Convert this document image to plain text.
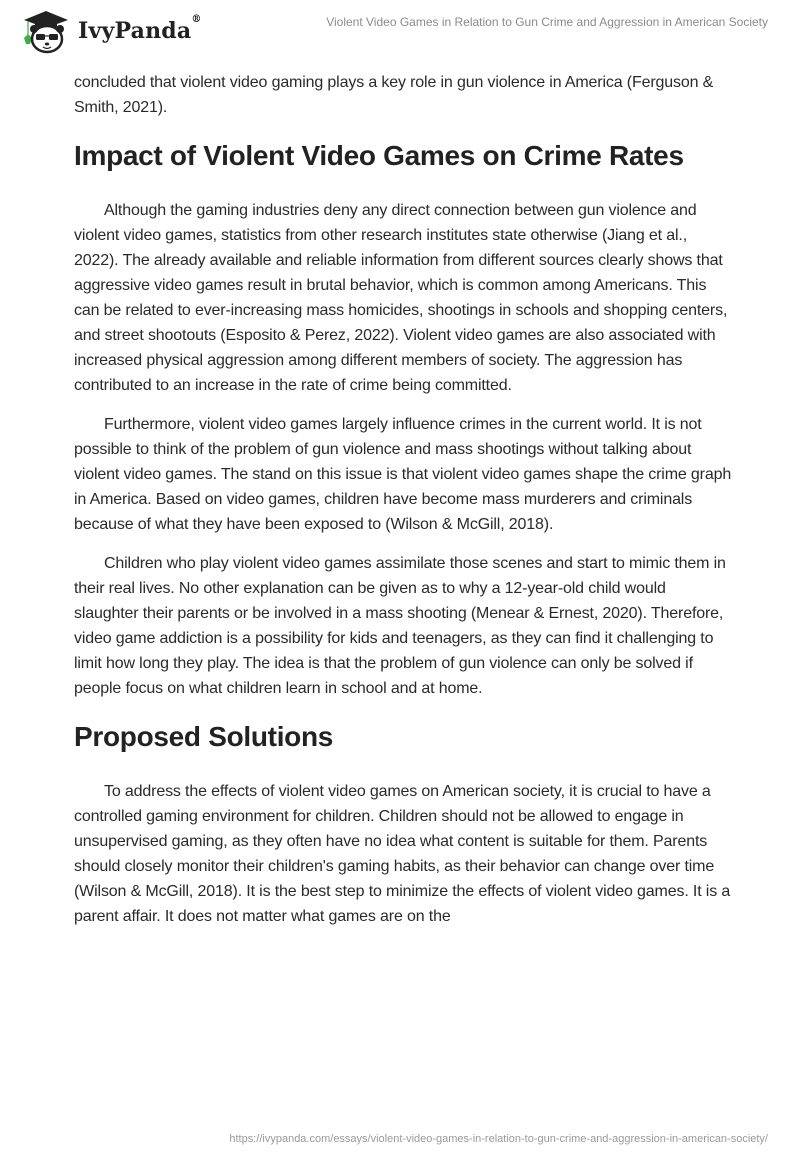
IvyPanda®	Violent Video Games in Relation to Gun Crime and Aggression in American Society

concluded that violent video gaming plays a key role in gun violence in America (Ferguson & Smith, 2021).

Impact of Violent Video Games on Crime Rates

Although the gaming industries deny any direct connection between gun violence and violent video games, statistics from other research institutes state otherwise (Jiang et al., 2022). The already available and reliable information from different sources clearly shows that aggressive video games result in brutal behavior, which is common among Americans. This can be related to ever-increasing mass homicides, shootings in schools and shopping centers, and street shootouts (Esposito & Perez, 2022). Violent video games are also associated with increased physical aggression among different members of society. The aggression has contributed to an increase in the rate of crime being committed.

Furthermore, violent video games largely influence crimes in the current world. It is not possible to think of the problem of gun violence and mass shootings without talking about violent video games. The stand on this issue is that violent video games shape the crime graph in America. Based on video games, children have become mass murderers and criminals because of what they have been exposed to (Wilson & McGill, 2018).

Children who play violent video games assimilate those scenes and start to mimic them in their real lives. No other explanation can be given as to why a 12-year-old child would slaughter their parents or be involved in a mass shooting (Menear & Ernest, 2020). Therefore, video game addiction is a possibility for kids and teenagers, as they can find it challenging to limit how long they play. The idea is that the problem of gun violence can only be solved if people focus on what children learn in school and at home.

Proposed Solutions

To address the effects of violent video games on American society, it is crucial to have a controlled gaming environment for children. Children should not be allowed to engage in unsupervised gaming, as they often have no idea what content is suitable for them. Parents should closely monitor their children's gaming habits, as their behavior can change over time (Wilson & McGill, 2018). It is the best step to minimize the effects of violent video games. It is a parent affair. It does not matter what games are on the

https://ivypanda.com/essays/violent-video-games-in-relation-to-gun-crime-and-aggression-in-american-society/
